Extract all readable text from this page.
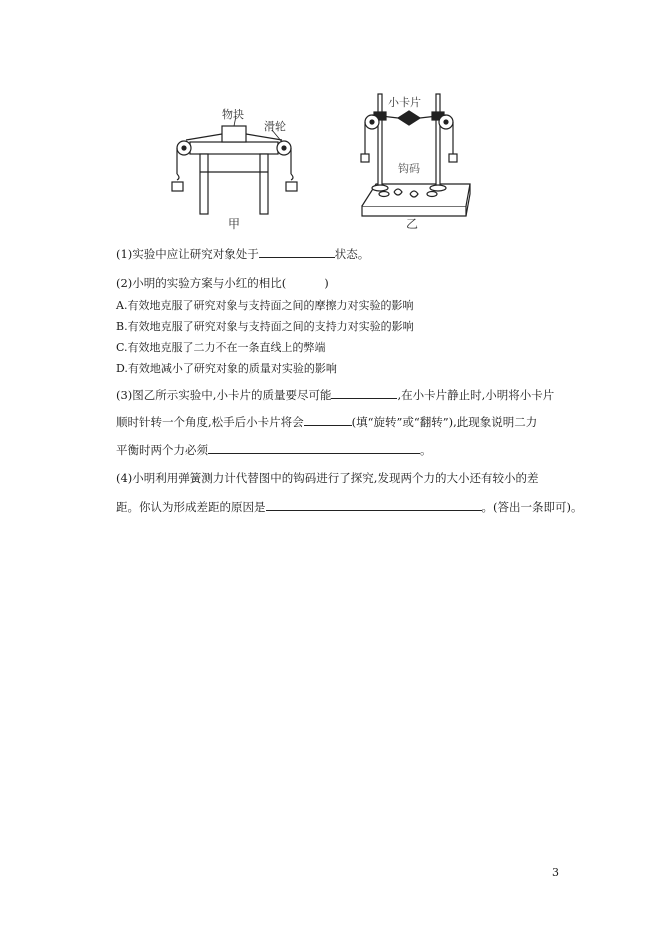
物块
滑轮
甲
小卡片
钩码
乙
(1)实验中应让研究对象处于	状态。
(2)小明的实验方案与小红的相比(	)
A.有效地克服了研究对象与支持面之间的摩擦力对实验的影响
B.有效地克服了研究对象与支持面之间的支持力对实验的影响
C.有效地克服了二力不在一条直线上的弊端
D.有效地减小了研究对象的质量对实验的影响
(3)图乙所示实验中,小卡片的质量要尽可能	,在小卡片静止时,小明将小卡片
顺时针转一个角度,松手后小卡片将会	(填“旋转”或“翻转”),此现象说明二力
平衡时两个力必须	。
(4)小明利用弹簧测力计代替图中的钩码进行了探究,发现两个力的大小还有较小的差
距。你认为形成差距的原因是	。(答出一条即可)。
3
